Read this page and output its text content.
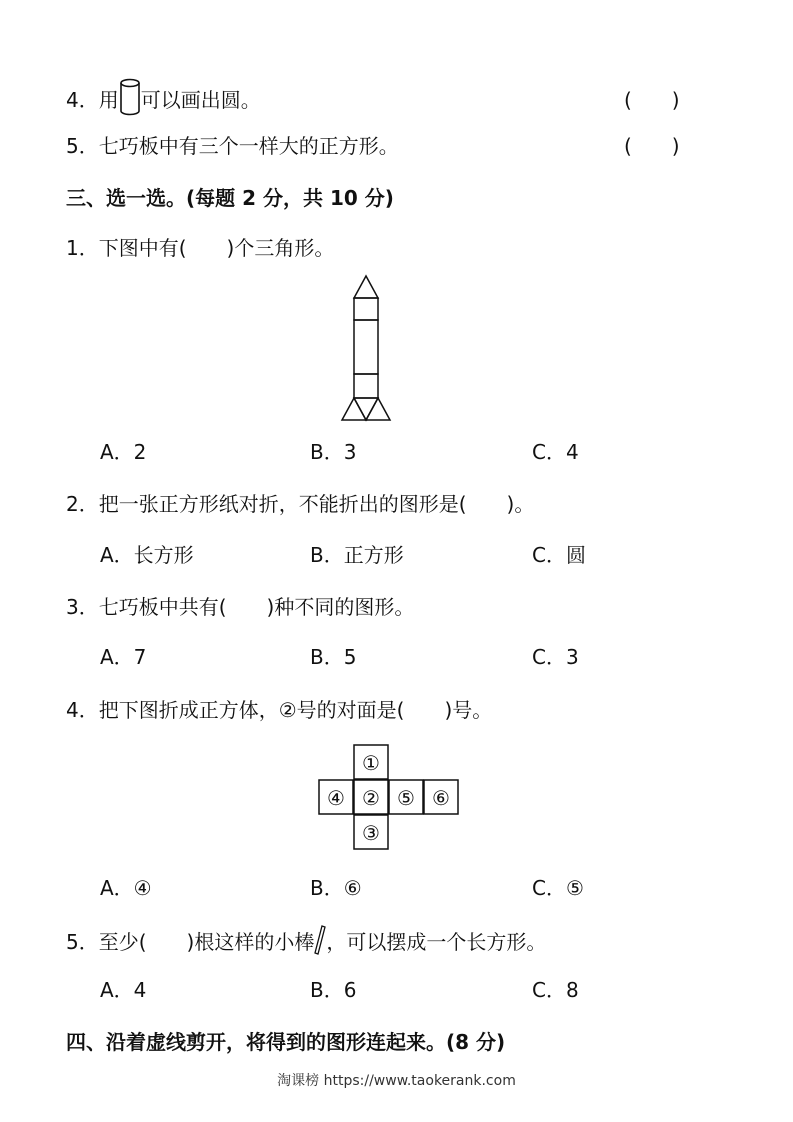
4．用 可以画出圆。	(　　)
5．七巧板中有三个一样大的正方形。	(　　)
三、选一选。(每题 2 分，共 10 分)
1．下图中有(　　)个三角形。
A．2	B．3	C．4
2．把一张正方形纸对折，不能折出的图形是(　　)。
A．长方形	B．正方形	C．圆
3．七巧板中共有(　　)种不同的图形。
A．7	B．5	C．3
4．把下图折成正方体，②号的对面是(　　)号。
①
④ ② ⑤ ⑥
③
A．④	B．⑥	C．⑤
5．至少(　　)根这样的小棒 ，可以摆成一个长方形。
A．4	B．6	C．8
四、沿着虚线剪开，将得到的图形连起来。(8 分)
淘课榜 https://www.taokerank.com
